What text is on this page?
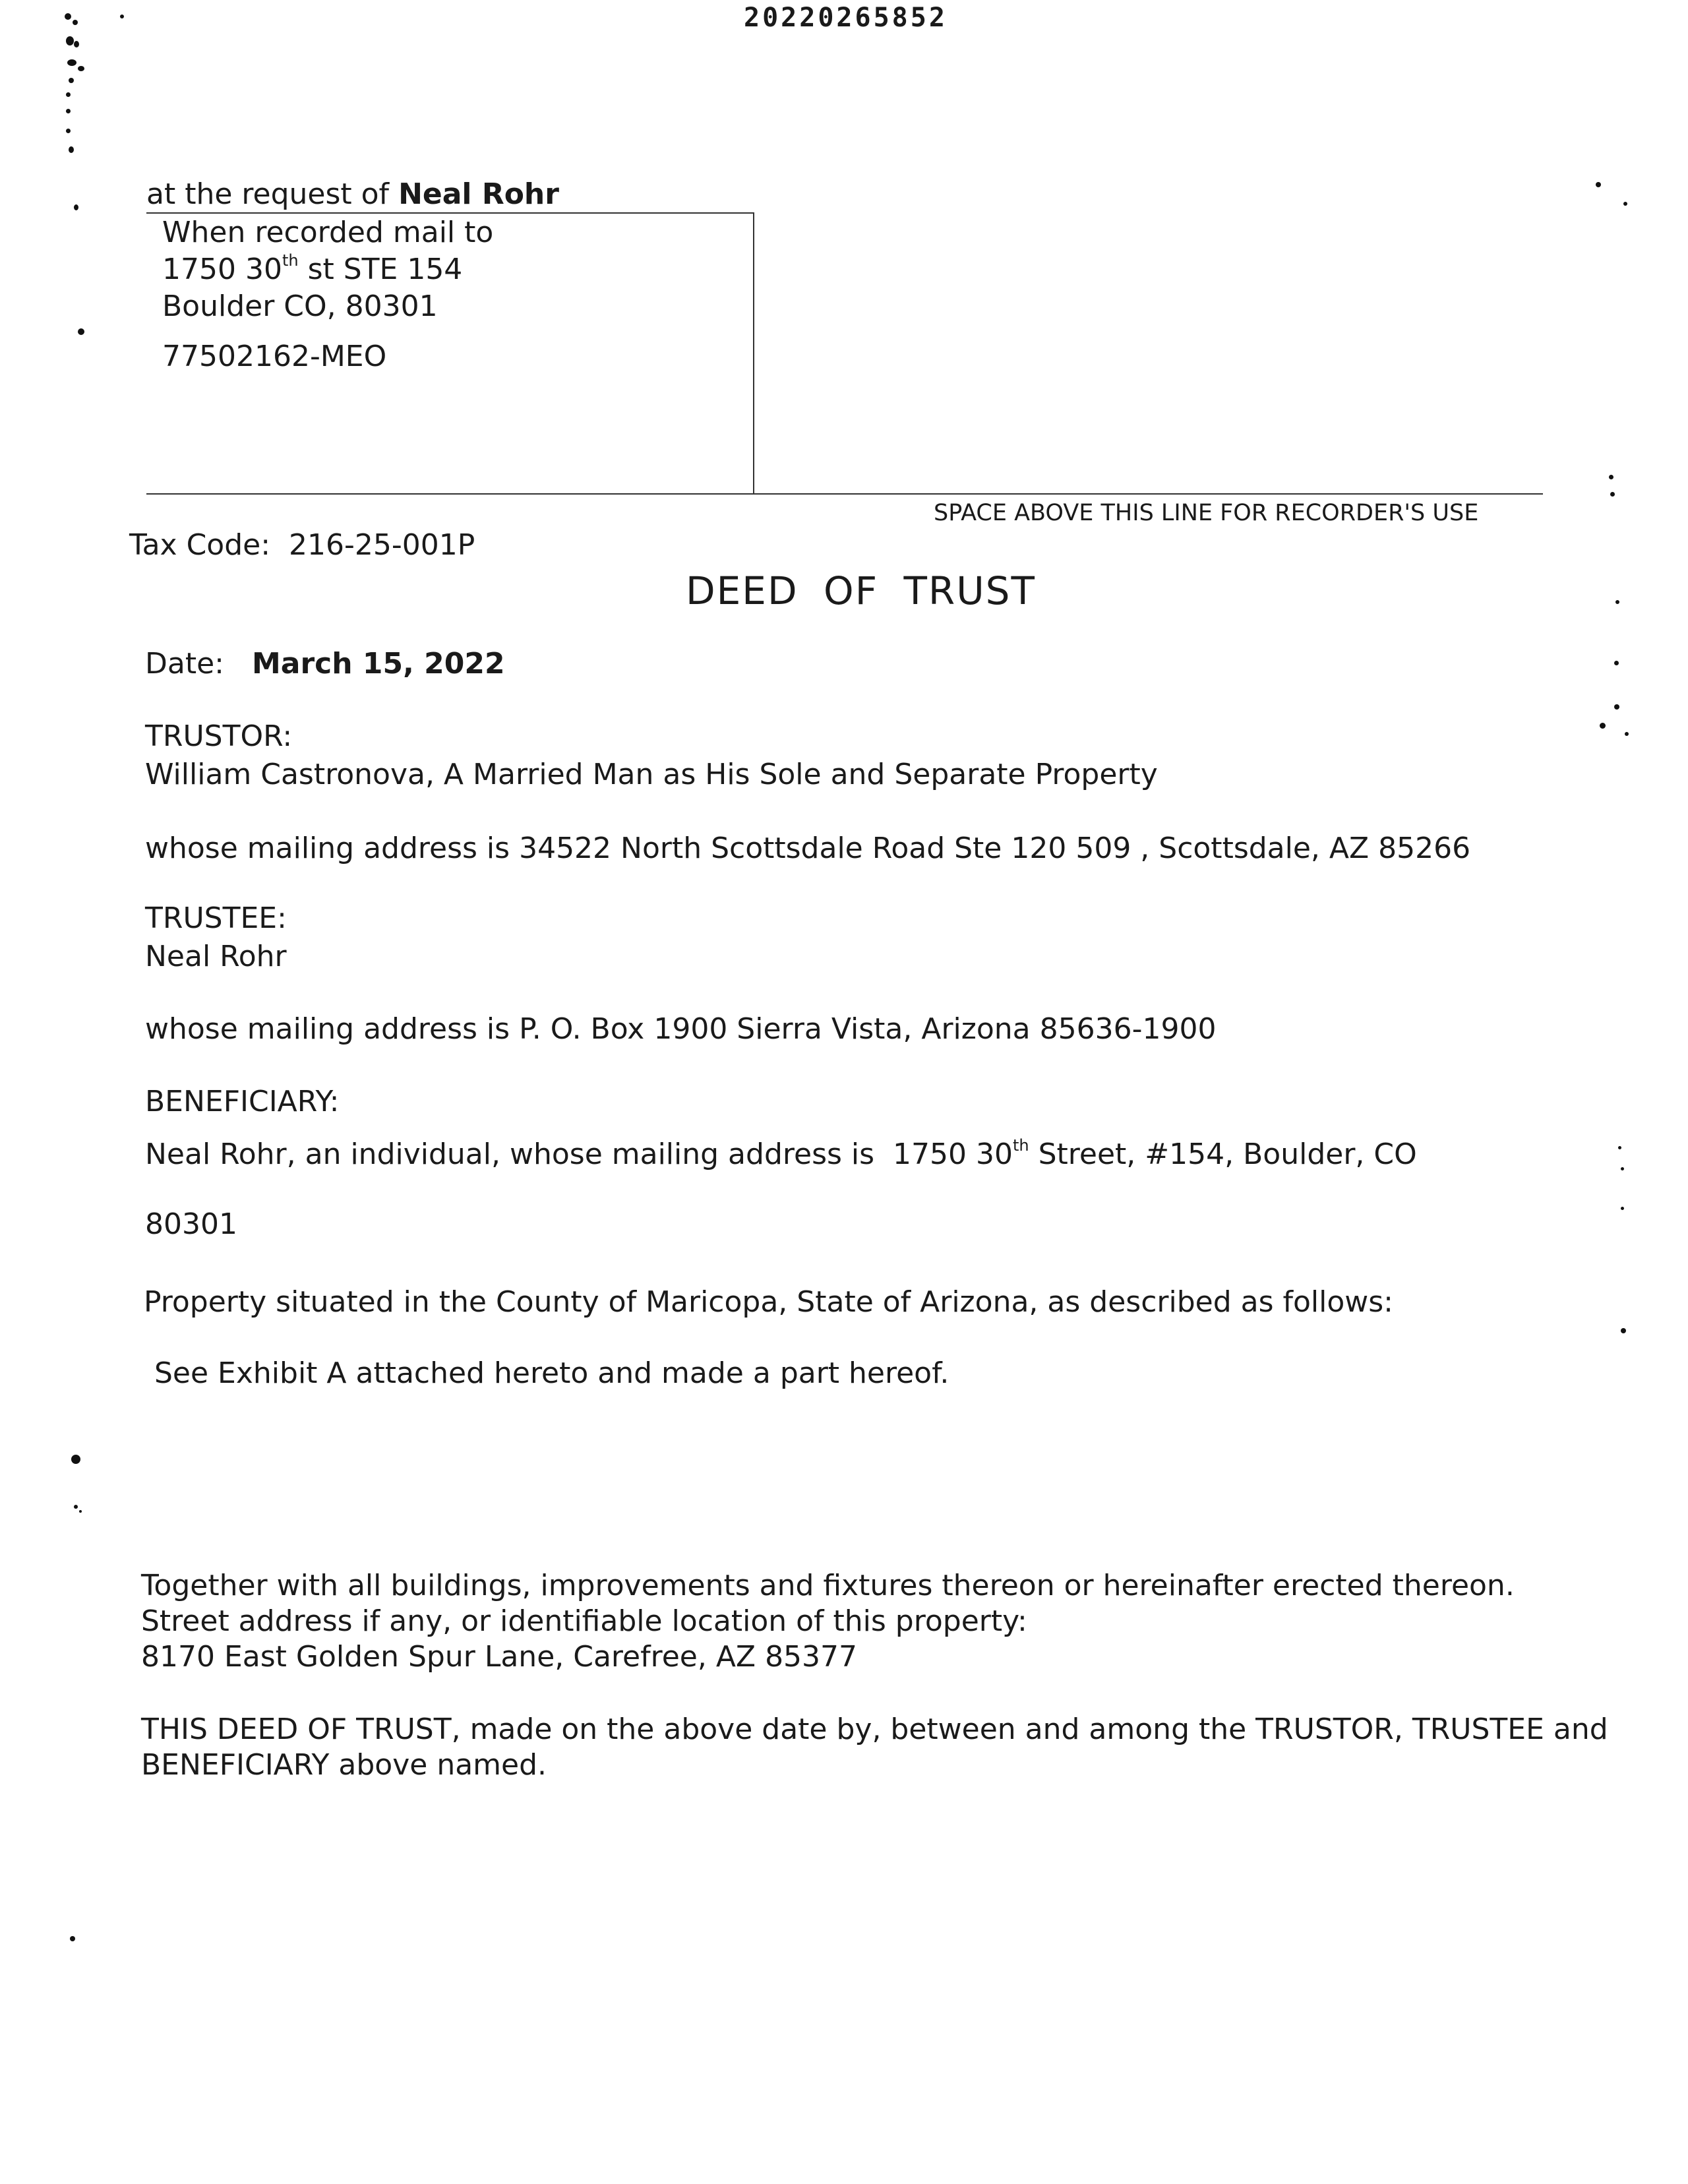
20220265852
at the request of Neal Rohr
When recorded mail to
1750 30th st STE 154
Boulder CO, 80301
77502162-MEO
SPACE ABOVE THIS LINE FOR RECORDER'S USE
Tax Code: 216-25-001P
DEED OF TRUST
Date: March 15, 2022
TRUSTOR:
William Castronova, A Married Man as His Sole and Separate Property
whose mailing address is 34522 North Scottsdale Road Ste 120 509 , Scottsdale, AZ 85266
TRUSTEE:
Neal Rohr
whose mailing address is P. O. Box 1900 Sierra Vista, Arizona 85636-1900
BENEFICIARY:
Neal Rohr, an individual, whose mailing address is 1750 30th Street, #154, Boulder, CO
80301
Property situated in the County of Maricopa, State of Arizona, as described as follows:
See Exhibit A attached hereto and made a part hereof.
Together with all buildings, improvements and fixtures thereon or hereinafter erected thereon.
Street address if any, or identifiable location of this property:
8170 East Golden Spur Lane, Carefree, AZ 85377
THIS DEED OF TRUST, made on the above date by, between and among the TRUSTOR, TRUSTEE and
BENEFICIARY above named.
